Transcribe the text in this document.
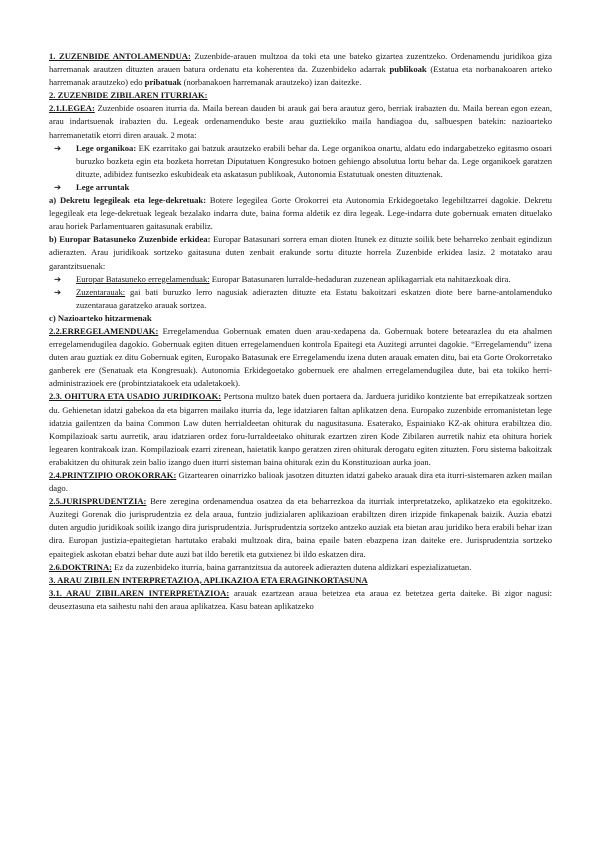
1. ZUZENBIDE ANTOLAMENDUA: Zuzenbide-arauen multzoa da toki eta une bateko gizartea zuzentzeko. Ordenamendu juridikoa giza harremanak arautzen dituzten arauen batura ordenatu eta koherentea da. Zuzenbideko adarrak publikoak (Estatua eta norbanakoaren arteko harremanak arautzeko) edo pribatuak (norbanakoen harremanak arautzeko) izan daitezke.

2. ZUZENBIDE ZIBILAREN ITURRIAK:

2.1.LEGEA: Zuzenbide osoaren iturria da. Maila berean dauden bi arauk gai bera arautuz gero, berriak irabazten du. Maila berean egon ezean, arau indartsuenak irabazten du. Legeak ordenamenduko beste arau guztiekiko maila handiagoa du, salbuespen batekin: nazioarteko harremanetatik etorri diren arauak. 2 mota:

➔ Lege organikoa: EK ezarritako gai batzuk arautzeko erabili behar da. Lege organikoa onartu, aldatu edo indargabetzeko egitasmo osoari buruzko bozketa egin eta bozketa horretan Diputatuen Kongresuko botoen gehiengo absolutua lortu behar da. Lege organikoek garatzen dituzte, adibidez funtsezko eskubideak eta askatasun publikoak, Autonomia Estatutuak onesten dituztenak.

➔ Lege arruntak

a) Dekretu legegileak eta lege-dekretuak: Botere legegilea Gorte Orokorrei eta Autonomia Erkidegoetako legebiltzarrei dagokie. Dekretu legegileak eta lege-dekretuak legeak bezalako indarra dute, baina forma aldetik ez dira legeak. Lege-indarra dute gobernuak ematen dituelako arau horiek Parlamentuaren gaitasunak erabiliz.

b) Europar Batasuneko Zuzenbide erkidea: Europar Batasunari sorrera eman dioten Itunek ez dituzte soilik bete beharreko zenbait egindizun adierazten. Arau juridikoak sortzeko gaitasuna duten zenbait erakunde sortu dituzte horrela Zuzenbide erkidea lasiz. 2 motatako arau garantzitsuenak:

➔ Europar Batasuneko erregelamenduak: Europar Batasunaren lurralde-hedaduran zuzenean aplikagarriak eta nahitaezkoak dira.

➔ Zuzentarauak: gai bati buruzko lerro nagusiak adierazten dituzte eta Estatu bakoitzari eskatzen diote bere barne-antolamenduko zuzentaraua garatzeko arauak sortzea.

c) Nazioarteko hitzarmenak

2.2.ERREGELAMENDUAK: Erregelamendua Gobernuak ematen duen arau-xedapena da. Gobernuak botere betearazlea du eta ahalmen erregelamendugilea dagokio. Gobernuak egiten dituen erregelamenduen kontrola Epaitegi eta Auzitegi arruntei dagokie. “Erregelamendu” izena duten arau guztiak ez ditu Gobernuak egiten, Europako Batasunak ere Erregelamendu izena duten arauak ematen ditu, bai eta Gorte Orokorretako ganberek ere (Senatuak eta Kongresuak). Autonomia Erkidegoetako gobernuek ere ahalmen erregelamendugilea dute, bai eta tokiko herri-administrazioek ere (probintziatakoek eta udaletakoek).

2.3. OHITURA ETA USADIO JURIDIKOAK: Pertsona multzo batek duen portaera da. Jarduera juridiko kontziente bat errepikatzeak sortzen du. Gehienetan idatzi gabekoa da eta bigarren mailako iturria da, lege idatziaren faltan aplikatzen dena. Europako zuzenbide erromanistetan lege idatzia gailentzen da baina Common Law duten herrialdeetan ohiturak du nagusitasuna. Esaterako, Espainiako KZ-ak ohitura erabiltzea dio. Kompilazioak sartu aurretik, arau idatziaren ordez foru-lurraldeetako ohiturak ezartzen ziren Kode Zibilaren aurretik nahiz eta ohitura horiek legearen kontrakoak izan. Kompilazioak ezarri zirenean, haietatik kanpo geratzen ziren ohiturak derogatu egiten zituzten. Foru sistema bakoitzak erabakitzen du ohiturak zein balio izango duen iturri sisteman baina ohiturak ezin du Konstituzioan aurka joan.

2.4.PRINTZIPIO OROKORRAK: Gizartearen oinarrizko balioak jasotzen dituzten idatzi gabeko arauak dira eta iturri-sistemaren azken mailan dago.

2.5.JURISPRUDENTZIA: Bere zeregina ordenamendua osatzea da eta beharrezkoa da iturriak interpretatzeko, aplikatzeko eta egokitzeko. Auzitegi Gorenak dio jurisprudentzia ez dela araua, funtzio judizialaren aplikazioan erabiltzen diren irizpide finkapenak baizik. Auzia ebatzi duten argudio juridikoak soilik izango dira jurisprudentzia. Jurisprudentzia sortzeko antzeko auziak eta bietan arau juridiko bera erabili behar izan dira. Europan justizia-epaitegietan hartutako erabaki multzoak dira, baina epaile baten ebazpena izan daiteke ere. Jurisprudentzia sortzeko epaitegiek askotan ebatzi behar dute auzi bat ildo beretik eta gutxienez bi ildo eskatzen dira.

2.6.DOKTRINA: Ez da zuzenbideko iturria, baina garrantzitsua da autoreek adierazten dutena aldizkari espezializatuetan.

3. ARAU ZIBILEN INTERPRETAZIOA, APLIKAZIOA ETA ERAGINKORTASUNA

3.1. ARAU ZIBILAREN INTERPRETAZIOA: arauak ezartzean araua betetzea eta araua ez betetzea gerta daiteke. Bi zigor nagusi: deuseztasuna eta saihestu nahi den araua aplikatzea. Kasu batean aplikatzeko
